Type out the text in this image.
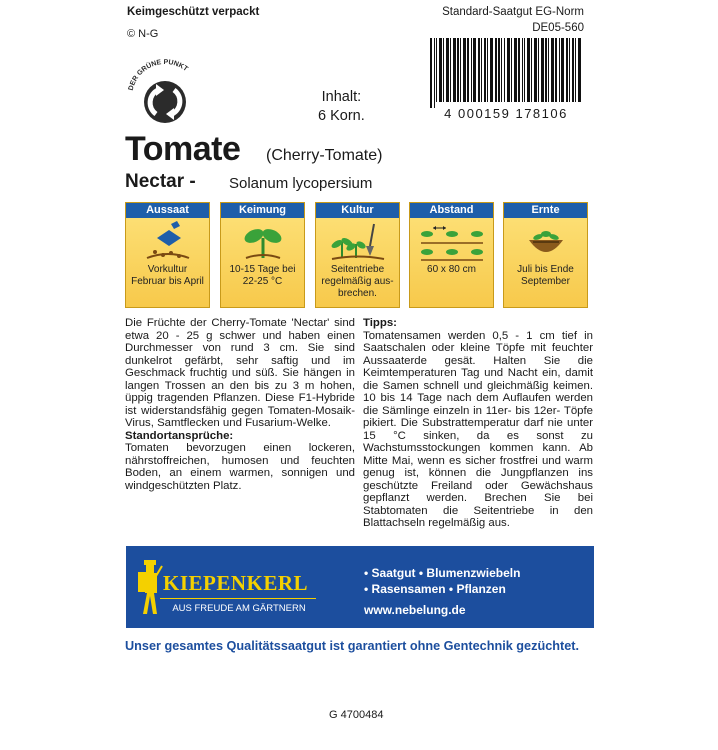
Keimgeschützt verpackt
© N-G
Standard-Saatgut EG-Norm
DE05-560
DER GRÜNE PUNKT
Inhalt:
6 Korn.	4 000159 178106
Tomate (Cherry-Tomate)
Nectar - Solanum lycopersium
Aussaat
Vorkultur Februar bis April
Keimung
10-15 Tage bei 22-25 °C
Kultur
Seitentriebe regelmäßig aus-brechen.
Abstand
60 x 80 cm
Ernte
Juli bis Ende September
Die Früchte der Cherry-Tomate 'Nectar' sind etwa 20 - 25 g schwer und haben einen Durchmesser von rund 3 cm. Sie sind dunkelrot gefärbt, sehr saftig und im Geschmack fruchtig und süß. Sie hängen in langen Trossen an den bis zu 3 m hohen, üppig tragenden Pflanzen. Diese F1-Hybride ist widerstandsfähig gegen Tomaten-Mosaik-Virus, Samtflecken und Fusarium-Welke.
Standortansprüche:
Tomaten bevorzugen einen lockeren, nährstoffreichen, humosen und feuchten Boden, an einem warmen, sonnigen und windgeschützten Platz.
Tipps:
Tomatensamen werden 0,5 - 1 cm tief in Saatschalen oder kleine Töpfe mit feuchter Aussaaterde gesät. Halten Sie die Keimtemperaturen Tag und Nacht ein, damit die Samen schnell und gleichmäßig keimen. 10 bis 14 Tage nach dem Auflaufen werden die Sämlinge einzeln in 11er- bis 12er- Töpfe pikiert. Die Substrattemperatur darf nie unter 15 °C sinken, da es sonst zu Wachstumsstockungen kommen kann. Ab Mitte Mai, wenn es sicher frostfrei und warm genug ist, können die Jungpflanzen ins geschützte Freiland oder Gewächshaus gepflanzt werden. Brechen Sie bei Stabtomaten die Seitentriebe in den Blattachseln regelmäßig aus.
KIEPENKERL
AUS FREUDE AM GÄRTNERN
• Saatgut • Blumenzwiebeln
• Rasensamen • Pflanzen
www.nebelung.de
Unser gesamtes Qualitätssaatgut ist garantiert ohne Gentechnik gezüchtet.
G 4700484
